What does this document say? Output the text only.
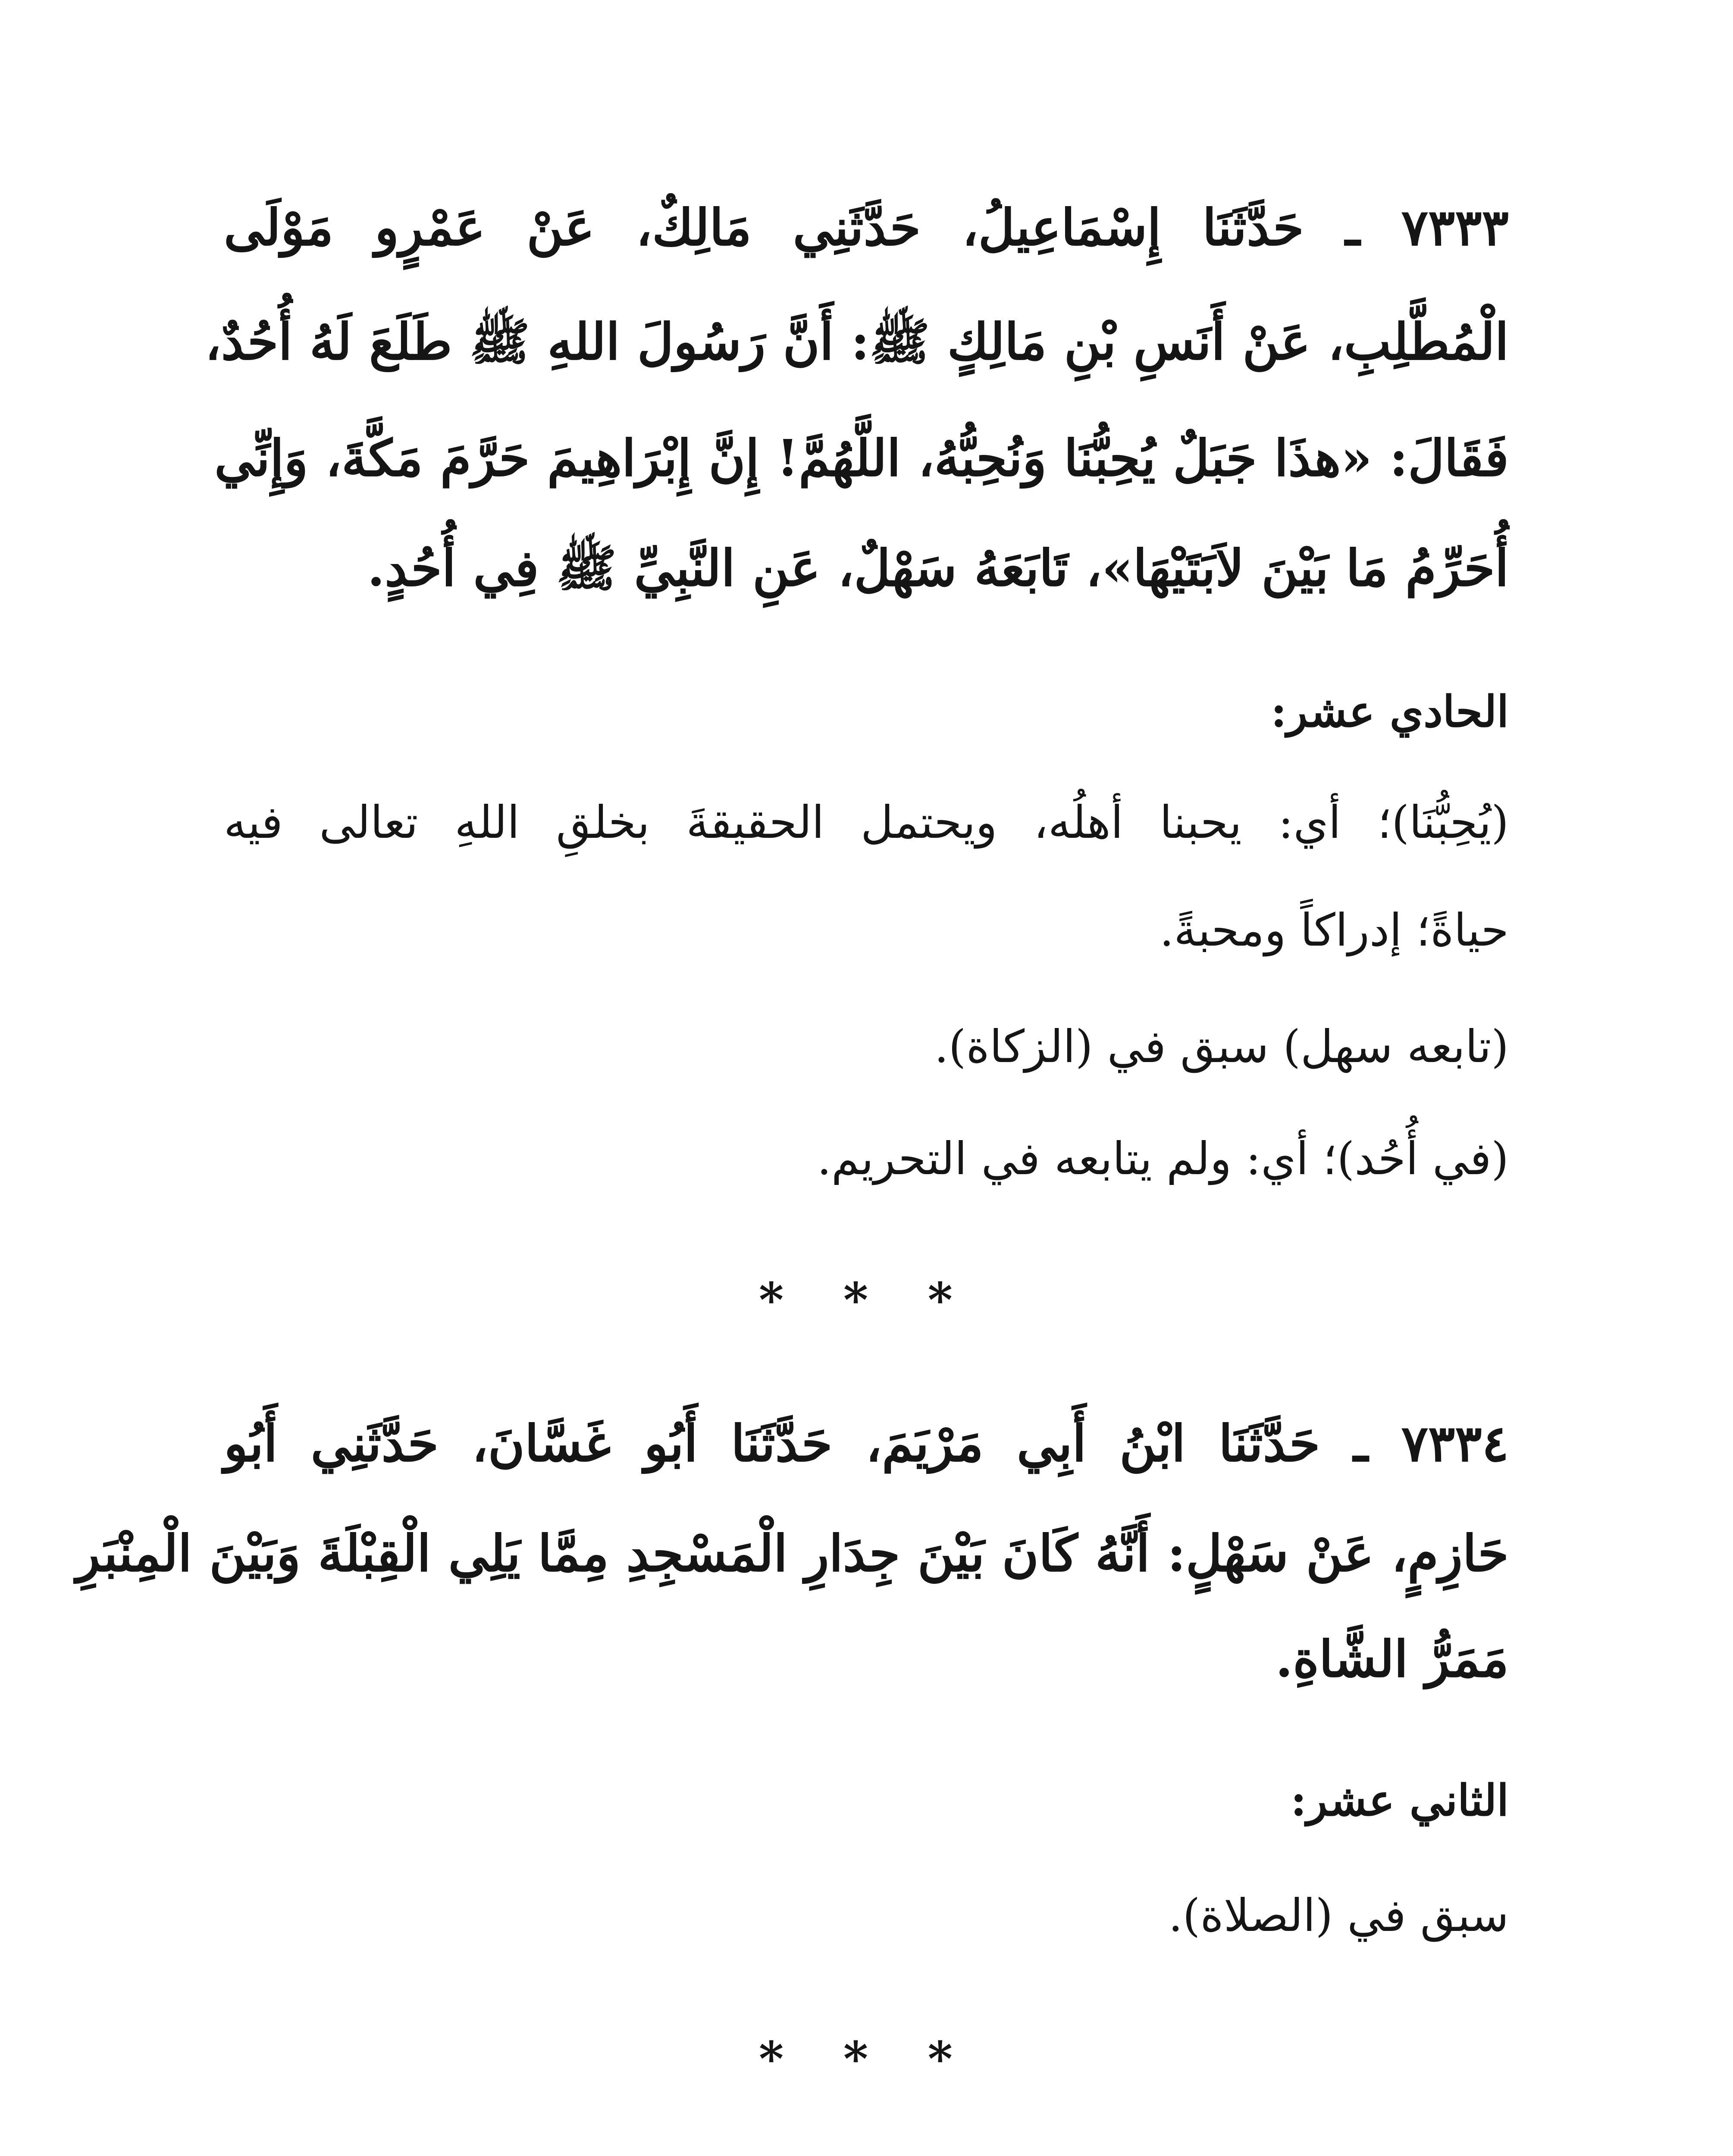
٧٣٣٣ ـ حَدَّثَنَا إِسْمَاعِيلُ، حَدَّثَنِي مَالِكٌ، عَنْ عَمْرٍو مَوْلَى
الْمُطَّلِبِ، عَنْ أَنَسِ بْنِ مَالِكٍ ﷺ: أَنَّ رَسُولَ اللهِ ﷺ طَلَعَ لَهُ أُحُدٌ،
فَقَالَ: «هذَا جَبَلٌ يُحِبُّنَا وَنُحِبُّهُ، اللَّهُمَّ! إِنَّ إِبْرَاهِيمَ حَرَّمَ مَكَّةَ، وَإِنِّي
أُحَرِّمُ مَا بَيْنَ لاَبَتَيْهَا»، تَابَعَهُ سَهْلٌ، عَنِ النَّبِيِّ ﷺ فِي أُحُدٍ.
الحادي عشر:
(يُحِبُّنَا)؛ أي: يحبنا أهلُه، ويحتمل الحقيقةَ بخلقِ اللهِ تعالى فيه
حياةً؛ إدراكاً ومحبةً.
(تابعه سهل) سبق في (الزكاة).
(في أُحُد)؛ أي: ولم يتابعه في التحريم.
* * *
٧٣٣٤ ـ حَدَّثَنَا ابْنُ أَبِي مَرْيَمَ، حَدَّثَنَا أَبُو غَسَّانَ، حَدَّثَنِي أَبُو
حَازِمٍ، عَنْ سَهْلٍ: أَنَّهُ كَانَ بَيْنَ جِدَارِ الْمَسْجِدِ مِمَّا يَلِي الْقِبْلَةَ وَبَيْنَ الْمِنْبَرِ
مَمَرُّ الشَّاةِ.
الثاني عشر:
سبق في (الصلاة).
* * *
